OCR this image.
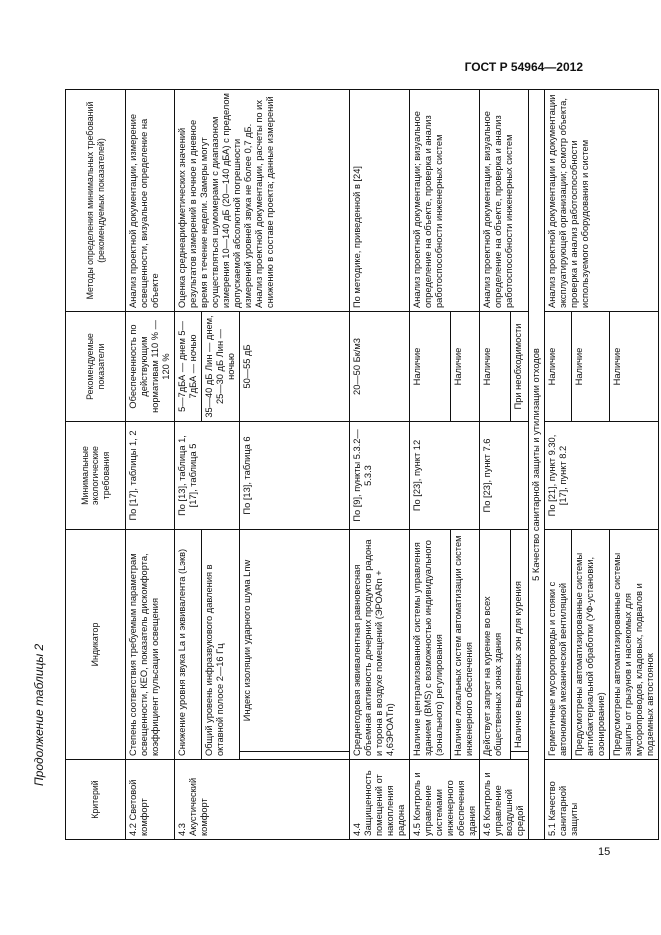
ГОСТ Р 54964—2012
Продолжение таблицы 2
Критерий	Индикатор		Минимальные экологические требования	Рекомендуемые показатели	Методы определения минимальных требований (рекомендуемых показателей)
4.2 Световой комфорт	Степень соответствия требуемым параметрам освещенности, КЕО, показатель дискомфорта, коэффициент пульсации освещения		По [17], таблицы 1, 2	Обеспеченность по действующим нормативам 110 % — 120 %	Анализ проектной документации, измерение освещенности, визуальное определение на объекте
4.3 Акустический комфорт	Снижение уровня звука La и эквивалента (Lэкв)		По [13], таблица 1, [17], таблица 5	5—7дБА — днем 5—7дБА — ночью	Оценка среднеарифметических значений результатов измерений в ночное и дневное время в течение недели. Замеры могут осуществляться шумомерами с диапазоном измерения 10—140 дБ (20—140 дБА) с пределом допускаемой абсолютной погрешности измерений уровней звука не более 0,7 дБ. Анализ проектной документации, расчеты по их снижению в составе проекта; данные измерений
	Общий уровень инфразвукового давления в октавной полосе 2—16 Гц			35—40 дБ Лин — днем, 25—30 дБ Лин — ночью	
		Индекс изоляции ударного шума Lnw	По [13], таблица 6	50—55 дБ	
4.4 Защищенность помещений от накопления радона	Среднегодовая эквивалентная равновесная объемная активность дочерних продуктов радона и торона в воздухе помещений (ЭРОАRn + 4,6ЭРОАTn)		По [9], пункты 5.3.2—5.3.3	20—50 Бк/м3	По методике, приведенной в [24]
4.5 Контроль и управление системами инженерного обеспечения здания	Наличие централизованной системы управления зданием (BMS) с возможностью индивидуального (зонального) регулирования		По [23], пункт 12	Наличие	Анализ проектной документации; визуальное определение на объекте, проверка и анализ работоспособности инженерных систем
	Наличие локальных систем автоматизации систем инженерного обеспечения			Наличие	
4.6 Контроль и управление воздушной средой	Действует запрет на курение во всех общественных зонах здания		По [23], пункт 7.6	Наличие	Анализ проектной документации, визуальное определение на объекте, проверка и анализ работоспособности инженерных систем
		Наличие выделенных зон для курения		При необходимости	
5 Качество санитарной защиты и утилизации отходов					
5.1 Качество санитарной защиты	Герметичные мусоропроводы и стояки с автономной механической вентиляцией		По [21], пункт 9.30, [17], пункт 8.2	Наличие	Анализ проектной документации и документации эксплуатирующей организации; осмотр объекта, проверка и анализ работоспособности используемого оборудования и систем
	Предусмотрены автоматизированные системы антибактериальной обработки (УФ-установки, озонирование)			Наличие	
	Предусмотрены автоматизированные системы защиты от грызунов и насекомых для мусоропроводов, кладовых, подвалов и подземных автостоянок			Наличие	
15
